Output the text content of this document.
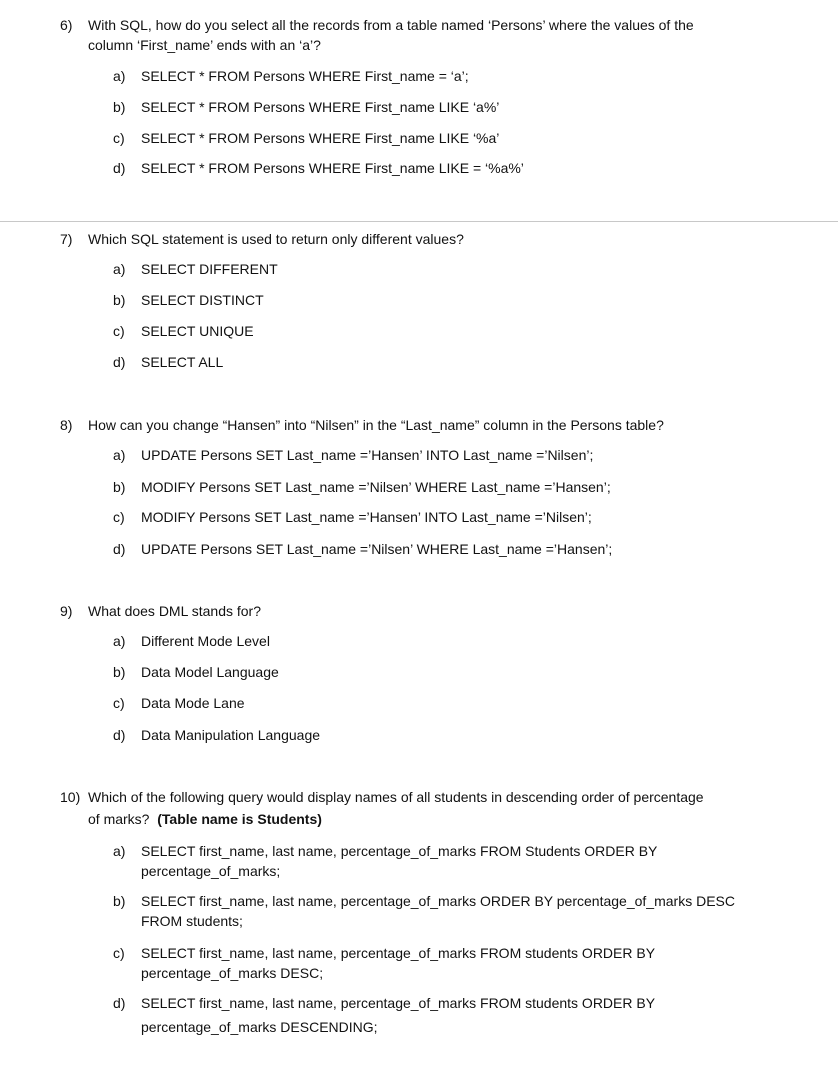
6) With SQL, how do you select all the records from a table named ‘Persons’ where the values of the
column ‘First_name’ ends with an ‘a’?
a) SELECT * FROM Persons WHERE First_name = ‘a’;
b) SELECT * FROM Persons WHERE First_name LIKE ‘a%’
c) SELECT * FROM Persons WHERE First_name LIKE ‘%a’
d) SELECT * FROM Persons WHERE First_name LIKE = ‘%a%’
7) Which SQL statement is used to return only different values?
a) SELECT DIFFERENT
b) SELECT DISTINCT
c) SELECT UNIQUE
d) SELECT ALL
8) How can you change “Hansen” into “Nilsen” in the “Last_name” column in the Persons table?
a) UPDATE Persons SET Last_name =’Hansen’ INTO Last_name =’Nilsen’;
b) MODIFY Persons SET Last_name =’Nilsen’ WHERE Last_name =’Hansen’;
c) MODIFY Persons SET Last_name =’Hansen’ INTO Last_name =’Nilsen’;
d) UPDATE Persons SET Last_name =’Nilsen’ WHERE Last_name =’Hansen’;
9) What does DML stands for?
a) Different Mode Level
b) Data Model Language
c) Data Mode Lane
d) Data Manipulation Language
10) Which of the following query would display names of all students in descending order of percentage
of marks? (Table name is Students)
a) SELECT first_name, last name, percentage_of_marks FROM Students ORDER BY
percentage_of_marks;
b) SELECT first_name, last name, percentage_of_marks ORDER BY percentage_of_marks DESC
FROM students;
c) SELECT first_name, last name, percentage_of_marks FROM students ORDER BY
percentage_of_marks DESC;
d) SELECT first_name, last name, percentage_of_marks FROM students ORDER BY
percentage_of_marks DESCENDING;
